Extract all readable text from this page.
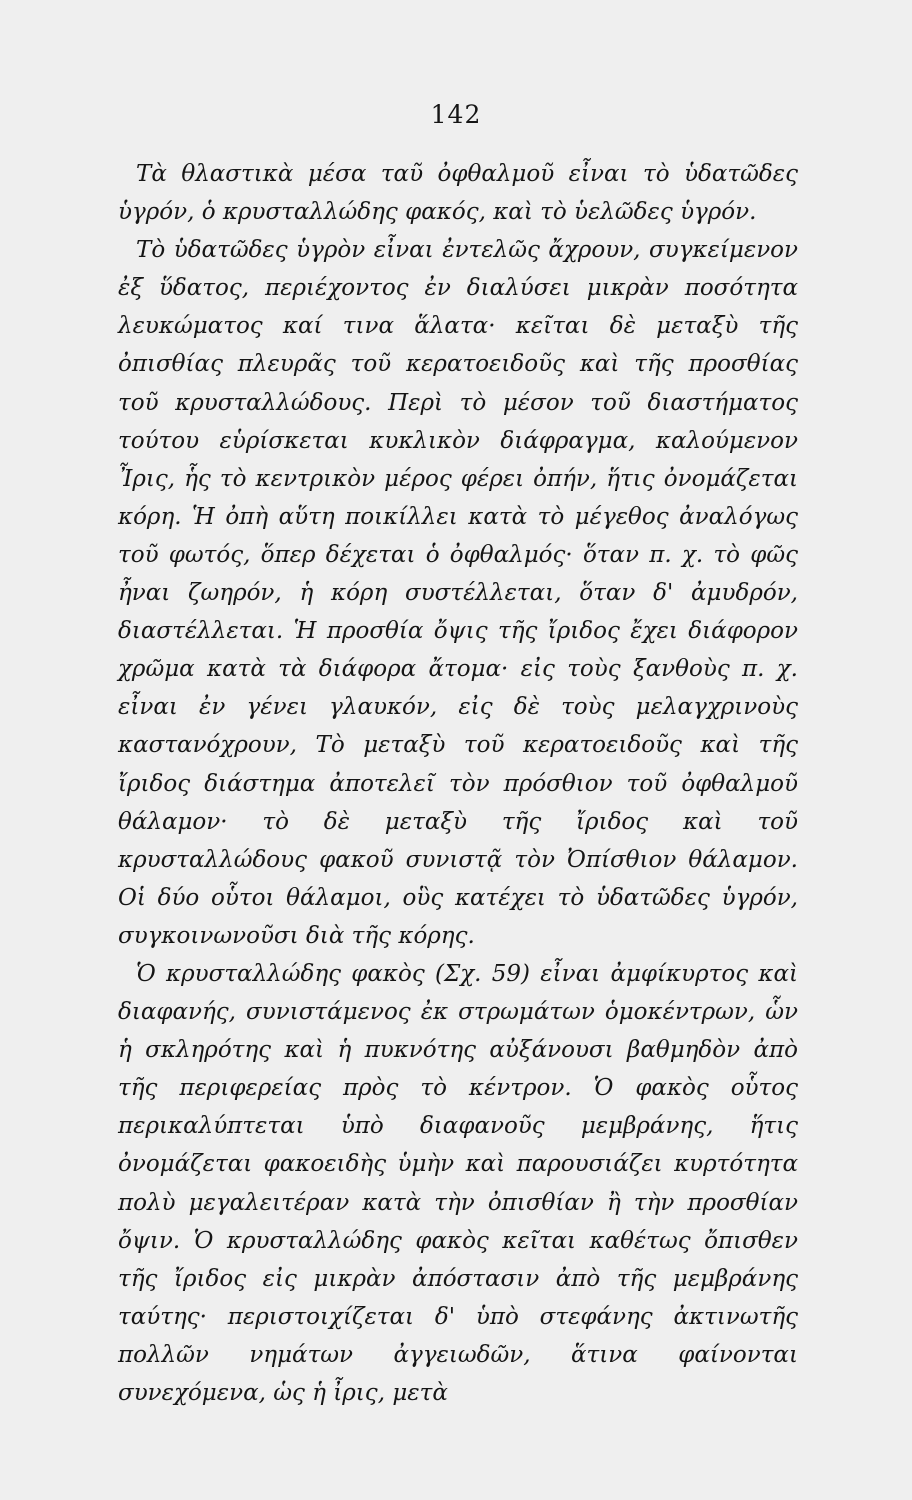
142

Τὰ θλαστικὰ μέσα ταῦ ὀφθαλμοῦ εἶναι τὸ ὑδατῶδες ὑγρόν, ὁ κρυσταλλώδης φακός, καὶ τὸ ὑελῶδες ὑγρόν.

Τὸ ὑδατῶδες ὑγρὸν εἶναι ἐντελῶς ἄχρουν, συγκείμενον ἐξ ὕδατος, περιέχοντος ἐν διαλύσει μικρὰν ποσότητα λευκώματος καί τινα ἅλατα· κεῖται δὲ μεταξὺ τῆς ὀπισθίας πλευρᾶς τοῦ κερατοειδοῦς καὶ τῆς προσθίας τοῦ κρυσταλλώδους. Περὶ τὸ μέσον τοῦ διαστήματος τούτου εὑρίσκεται κυκλικὸν διάφραγμα, καλούμενον Ἶρις, ἧς τὸ κεντρικὸν μέρος φέρει ὀπήν, ἥτις ὀνομάζεται κόρη. Ἡ ὀπὴ αὕτη ποικίλλει κατὰ τὸ μέγεθος ἀναλόγως τοῦ φωτός, ὅπερ δέχεται ὁ ὀφθαλμός· ὅταν π. χ. τὸ φῶς ἦναι ζωηρόν, ἡ κόρη συστέλλεται, ὅταν δ' ἀμυδρόν, διαστέλλεται. Ἡ προσθία ὄψις τῆς ἴριδος ἔχει διάφορον χρῶμα κατὰ τὰ διάφορα ἄτομα· εἰς τοὺς ξανθοὺς π. χ. εἶναι ἐν γένει γλαυκόν, εἰς δὲ τοὺς μελαγχρινοὺς καστανόχρουν, Τὸ μεταξὺ τοῦ κερατοειδοῦς καὶ τῆς ἴριδος διάστημα ἀποτελεῖ τὸν πρόσθιον τοῦ ὀφθαλμοῦ θάλαμον· τὸ δὲ μεταξὺ τῆς ἴριδος καὶ τοῦ κρυσταλλώδους φακοῦ συνιστᾷ τὸν Ὀπίσθιον θάλαμον. Οἱ δύο οὗτοι θάλαμοι, οὓς κατέχει τὸ ὑδατῶδες ὑγρόν, συγκοινωνοῦσι διὰ τῆς κόρης.

Ὁ κρυσταλλώδης φακὸς (Σχ. 59) εἶναι ἀμφίκυρτος καὶ διαφανής, συνιστάμενος ἐκ στρωμάτων ὁμοκέντρων, ὧν ἡ σκληρότης καὶ ἡ πυκνότης αὐξάνουσι βαθμηδὸν ἀπὸ τῆς περιφερείας πρὸς τὸ κέντρον. Ὁ φακὸς οὗτος περικαλύπτεται ὑπὸ διαφανοῦς μεμβράνης, ἥτις ὀνομάζεται φακοειδὴς ὑμὴν καὶ παρουσιάζει κυρτότητα πολὺ μεγαλειτέραν κατὰ τὴν ὀπισθίαν ἢ τὴν προσθίαν ὄψιν. Ὁ κρυσταλλώδης φακὸς κεῖται καθέτως ὄπισθεν τῆς ἴριδος εἰς μικρὰν ἀπόστασιν ἀπὸ τῆς μεμβράνης ταύτης· περιστοιχίζεται δ' ὑπὸ στεφάνης ἀκτινωτῆς πολλῶν νημάτων ἀγγειωδῶν, ἅτινα φαίνονται συνεχόμενα, ὡς ἡ ἶρις, μετὰ
